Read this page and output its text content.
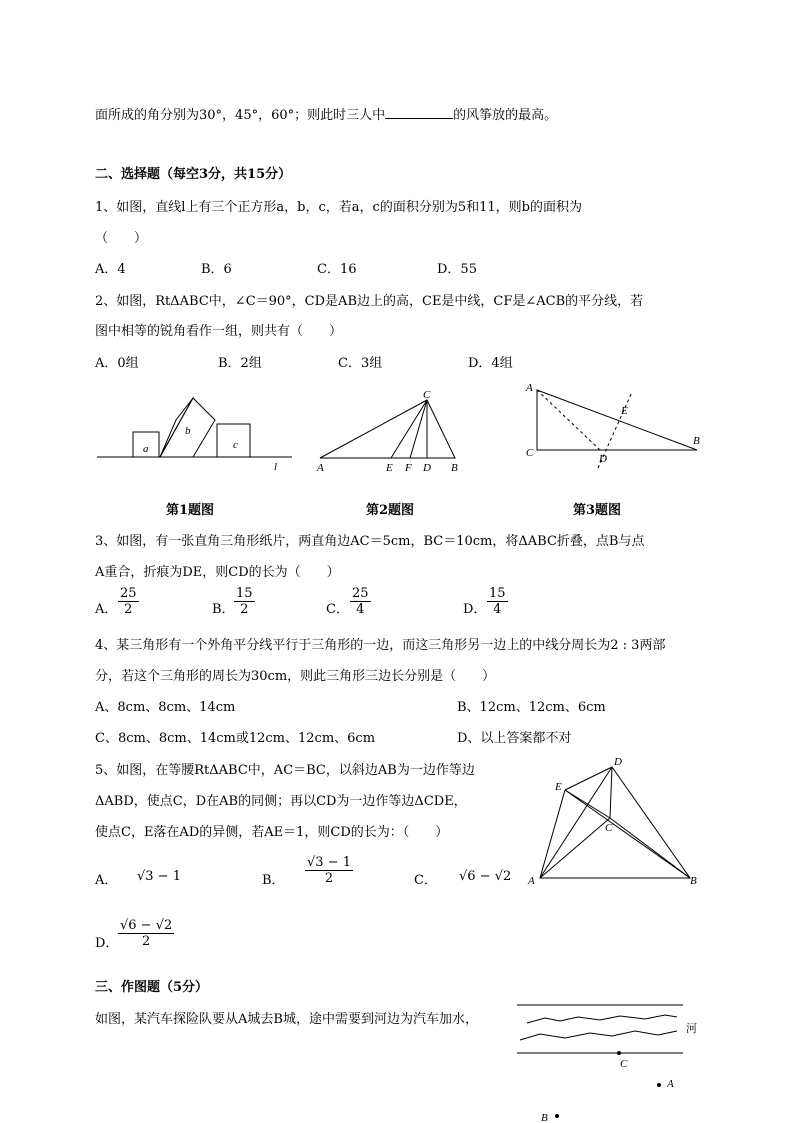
面所成的角分别为30°，45°，60°；则此时三人中	的风筝放的最高。
二、选择题（每空3分，共15分）
1、如图，直线l上有三个正方形a，b，c，若a，c的面积分别为5和11，则b的面积为
（　　）
A．4	B．6	C．16	D．55
2、如图，RtΔABC中，∠C＝90°，CD是AB边上的高，CE是中线，CF是∠ACB的平分线，若
图中相等的锐角看作一组，则共有（　　）
A．0组	B．2组	C．3组	D．4组
a
b
c
l
第1题图
C
A	E F D B
第2题图
A
C
E
D
B
第3题图
3、如图，有一张直角三角形纸片，两直角边AC＝5cm，BC＝10cm，将ΔABC折叠，点B与点
A重合，折痕为DE，则CD的长为（　　）
A． $\frac{25}{2}$	B． $\frac{15}{2}$	C． $\frac{25}{4}$	D． $\frac{15}{4}$
4、某三角形有一个外角平分线平行于三角形的一边，而这三角形另一边上的中线分周长为2 : 3两部
分，若这个三角形的周长为30cm，则此三角形三边长分别是（　　）
A、8cm、8cm、14cm	B、12cm、12cm、6cm
C、8cm、8cm、14cm或12cm、12cm、6cm	D、以上答案都不对
5、如图，在等腰RtΔABC中，AC＝BC，以斜边AB为一边作等边
ΔABD，使点C，D在AB的同侧；再以CD为一边作等边ΔCDE，
使点C，E落在AD的异侧，若AE＝1，则CD的长为：（　　）
A． √3 − 1	B． $\frac{√3 - 1}{2}$	C． √6 − √2
D． $\frac{√6 - √2}{2}$
D
E
C
A	B
三、作图题（5分）
如图，某汽车探险队要从A城去B城，途中需要到河边为汽车加水，
河
C
A
B
